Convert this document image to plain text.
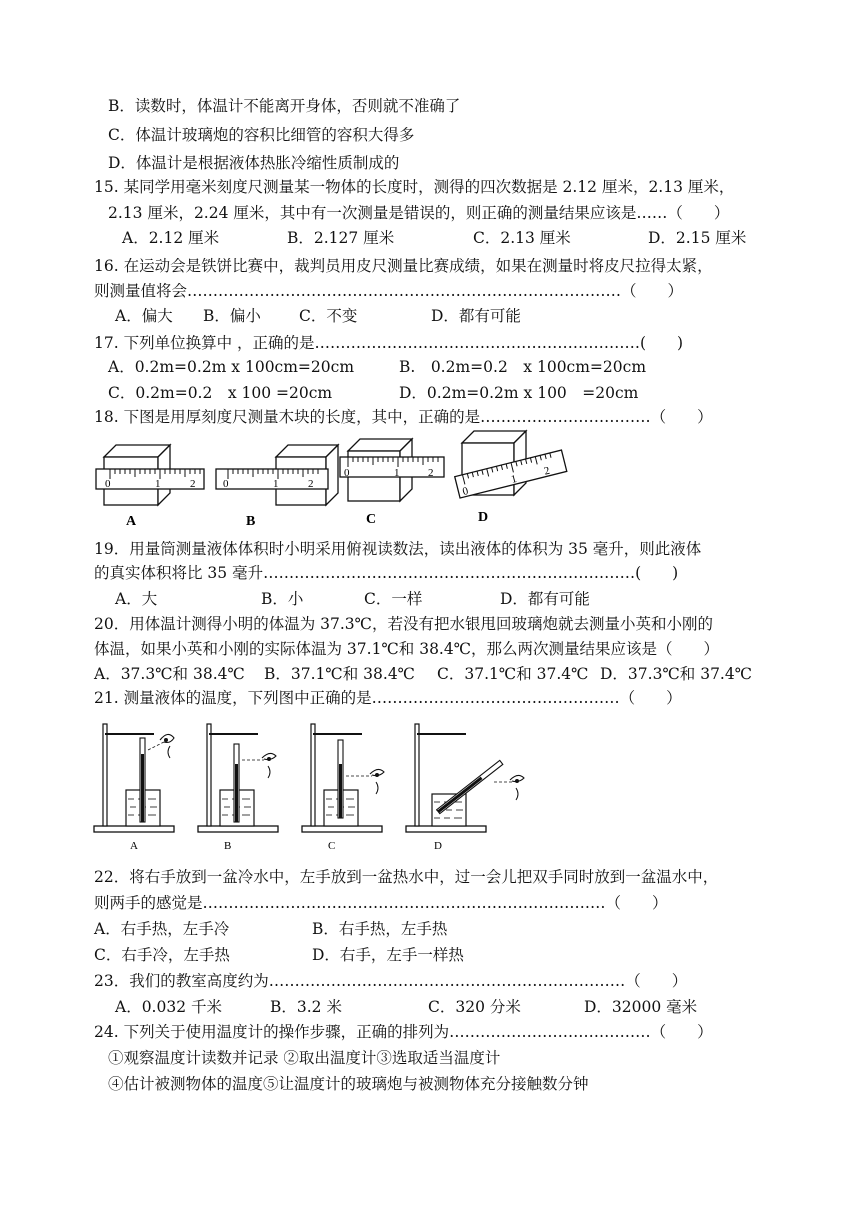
B．读数时，体温计不能离开身体，否则就不准确了
C．体温计玻璃炮的容积比细管的容积大得多
D．体温计是根据液体热胀冷缩性质制成的
15. 某同学用毫米刻度尺测量某一物体的长度时，测得的四次数据是 2.12 厘米，2.13 厘米，
2.13 厘米，2.24 厘米，其中有一次测量是错误的，则正确的测量结果应该是……（　　）
16. 在运动会是铁饼比赛中，裁判员用皮尺测量比赛成绩，如果在测量时将皮尺拉得太紧，
则测量值将会…………………………………………………………………………（　　）
17. 下列单位换算中 ，正确的是………………………………………………………(　　)
18. 下图是用厚刻度尺测量木块的长度，其中，正确的是……………………………（　　）
19．用量筒测量液体体积时小明采用俯视读数法，读出液体的体积为 35 毫升，则此液体
的真实体积将比 35 毫升………………………………………………………………(　　)
20．用体温计测得小明的体温为 37.3℃，若没有把水银甩回玻璃炮就去测量小英和小刚的
体温，如果小英和小刚的实际体温为 37.1℃和 38.4℃，那么两次测量结果应该是（　　）
21. 测量液体的温度，下列图中正确的是…………………………………………（　　）
22．将右手放到一盆冷水中，左手放到一盆热水中，过一会儿把双手同时放到一盆温水中，
则两手的感觉是……………………………………………………………………（　　）
23．我们的教室高度约为……………………………………………………………（　　）
24. 下列关于使用温度计的操作步骤，正确的排列为…………………………………（　　）
①观察温度计读数并记录 ②取出温度计③选取适当温度计
④估计被测物体的温度⑤让温度计的玻璃炮与被测物体充分接触数分钟
A．2.12 厘米	B．2.127 厘米	C．2.13 厘米	D．2.15 厘米
A．偏大 B．偏小 C．不变	D．都有可能
A．0.2m=0.2m x 100cm=20cm	B.　0.2m=0.2　x 100cm=20cm
C．0.2m=0.2　x 100 =20cm	D．0.2m=0.2m x 100　=20cm
A．大	B．小	C．一样	D．都有可能
A．37.3℃和 38.4℃ B．37.1℃和 38.4℃ C．37.1℃和 37.4℃ D．37.3℃和 37.4℃
A．右手热，左手冷	B．右手热，左手热
C．右手冷，左手热	D．右手，左手一样热
A．0.032 千米	B．3.2 米	C．320 分米	D．32000 毫米
0	1	2
A
0	1	2
B
0	1	2
C
0
1
2
D
A	B	C	D
